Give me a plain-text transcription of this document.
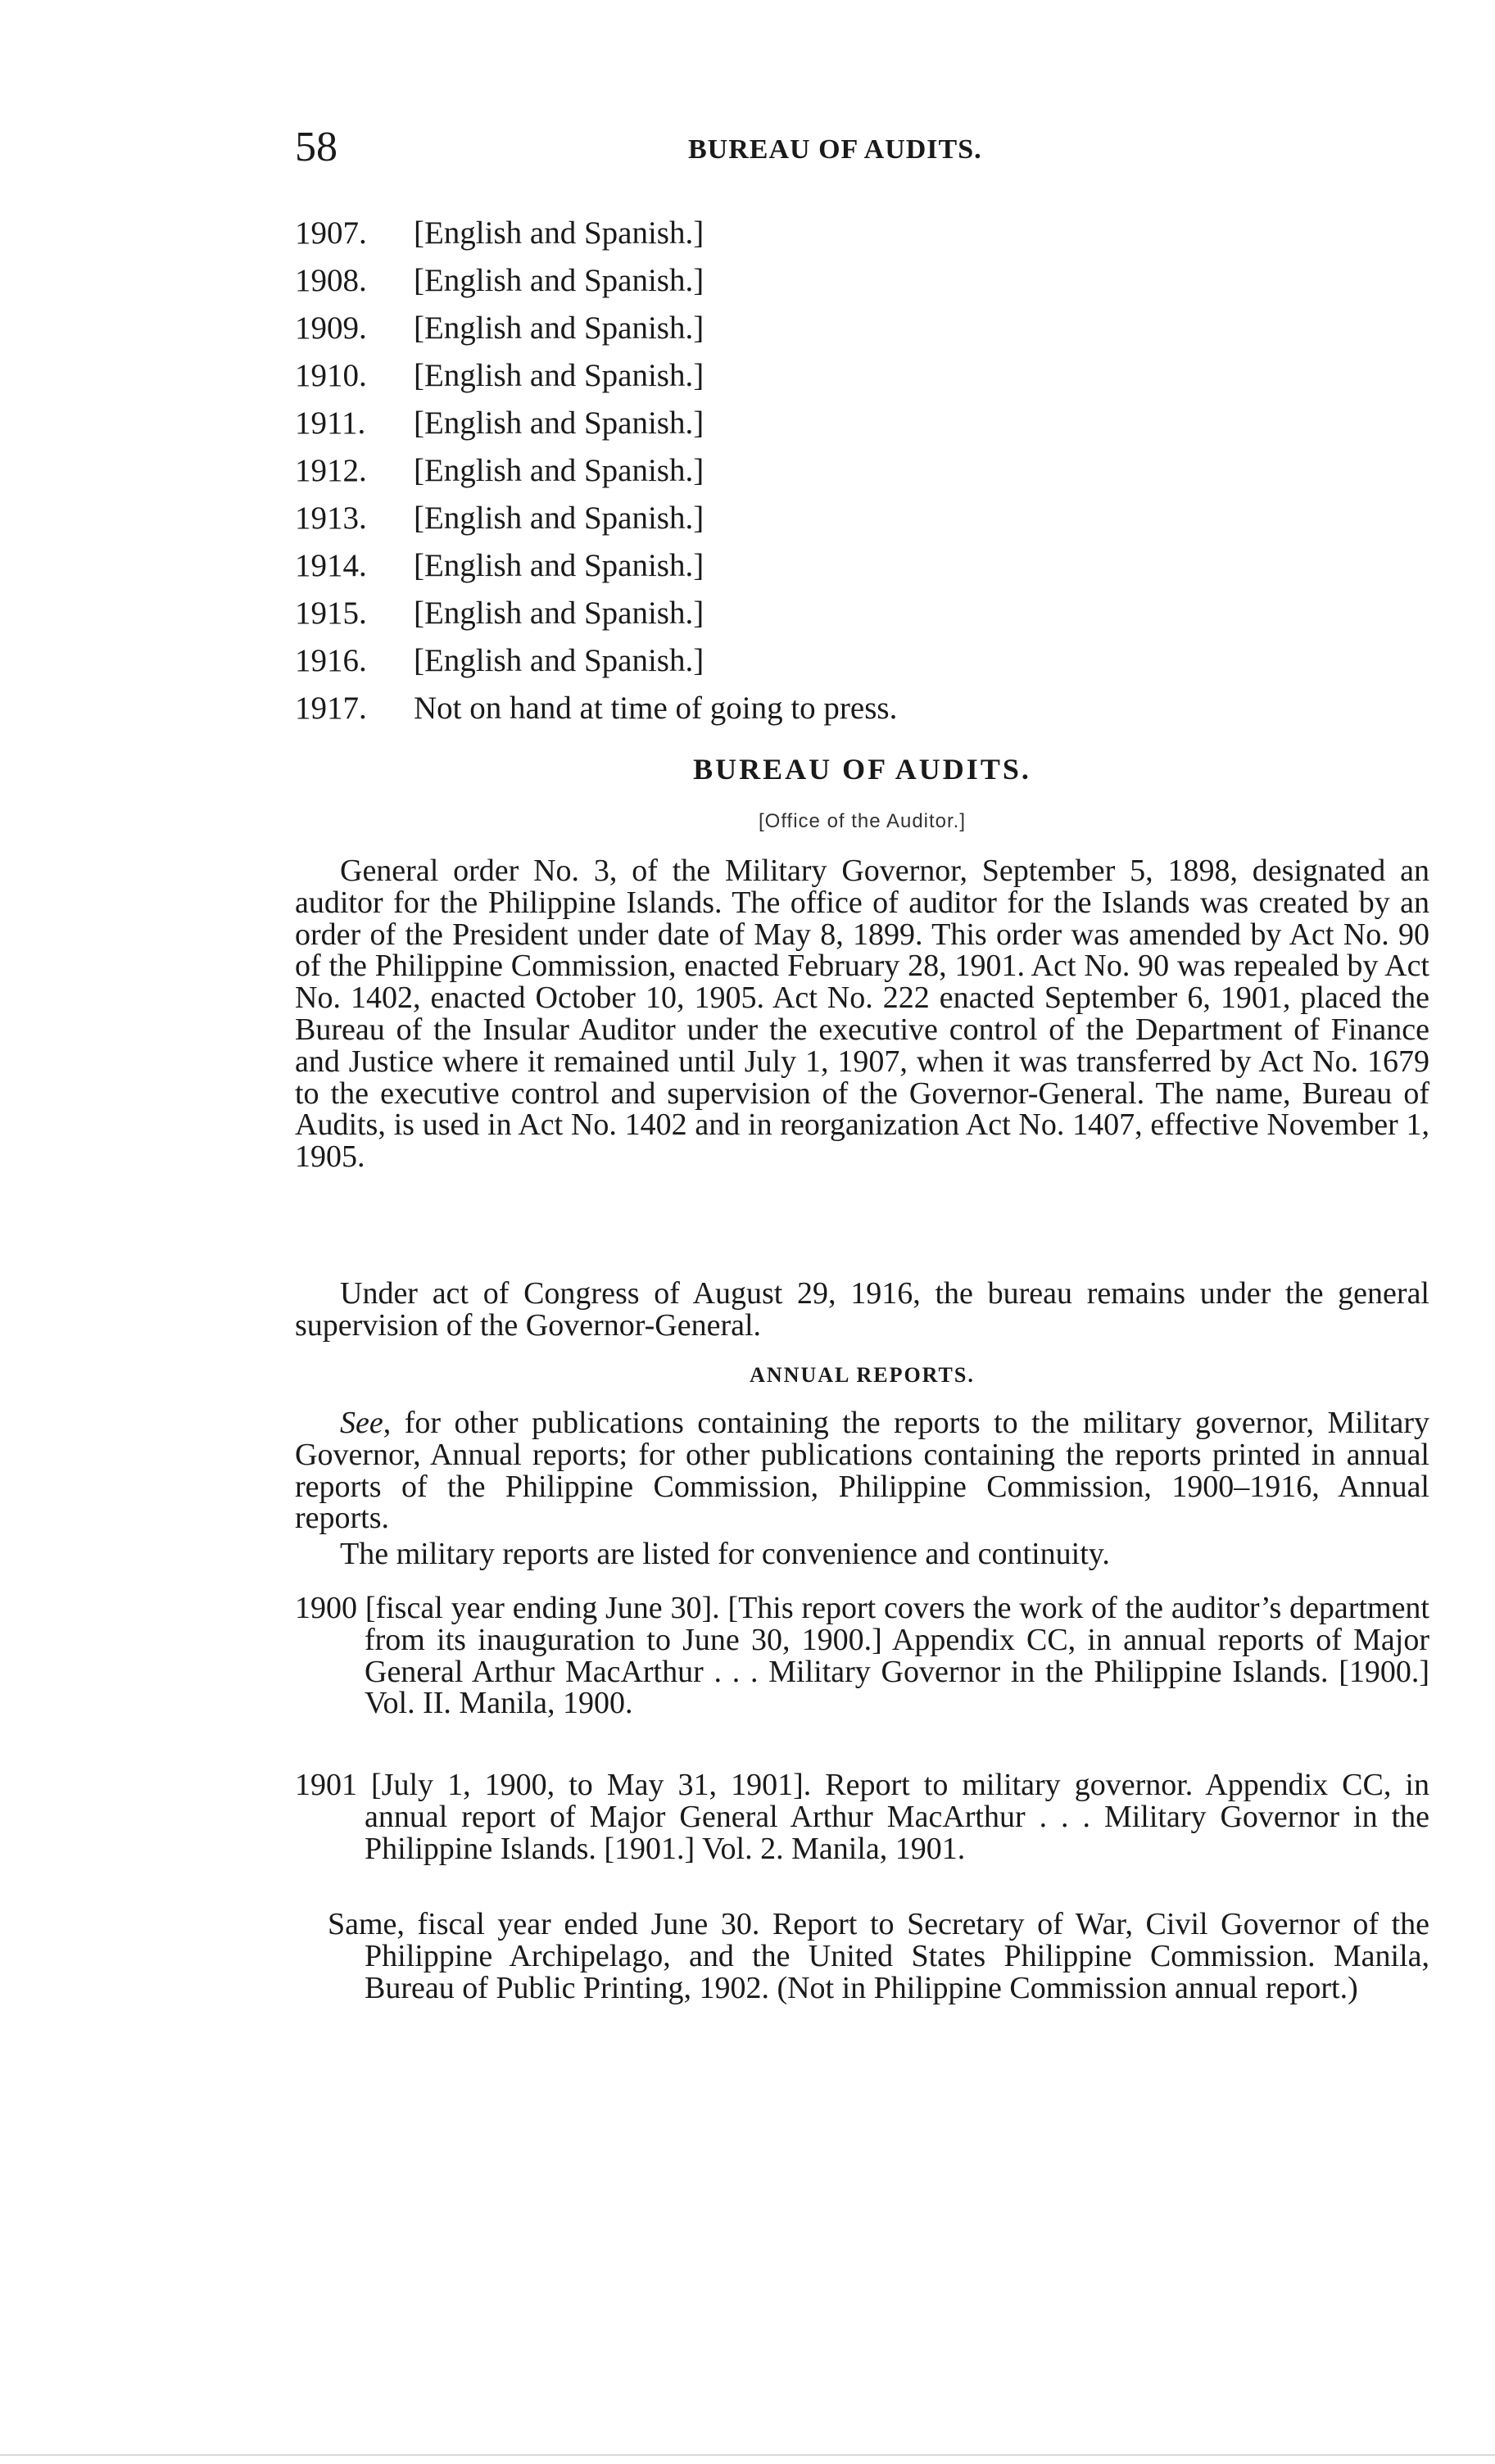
58	BUREAU OF AUDITS.
1907.	[English and Spanish.]
1908.	[English and Spanish.]
1909.	[English and Spanish.]
1910.	[English and Spanish.]
1911.	[English and Spanish.]
1912.	[English and Spanish.]
1913.	[English and Spanish.]
1914.	[English and Spanish.]
1915.	[English and Spanish.]
1916.	[English and Spanish.]
1917.	Not on hand at time of going to press.
BUREAU OF AUDITS.
[Office of the Auditor.]

General order No. 3, of the Military Governor, September 5, 1898, designated an auditor for the Philippine Islands. The office of auditor for the Islands was created by an order of the President under date of May 8, 1899. This order was amended by Act No. 90 of the Philippine Commission, enacted February 28, 1901. Act No. 90 was repealed by Act No. 1402, enacted October 10, 1905. Act No. 222 enacted September 6, 1901, placed the Bureau of the Insular Auditor under the executive control of the Department of Finance and Justice where it remained until July 1, 1907, when it was transferred by Act No. 1679 to the executive control and supervision of the Governor-General. The name, Bureau of Audits, is used in Act No. 1402 and in reorganization Act No. 1407, effective November 1, 1905.

Under act of Congress of August 29, 1916, the bureau remains under the general supervision of the Governor-General.

ANNUAL REPORTS.

See, for other publications containing the reports to the military governor, Military Governor, Annual reports; for other publications containing the reports printed in annual reports of the Philippine Commission, Philippine Commission, 1900–1916, Annual reports.

The military reports are listed for convenience and continuity.

1900 [fiscal year ending June 30]. [This report covers the work of the auditor’s department from its inauguration to June 30, 1900.] Appendix CC, in annual reports of Major General Arthur MacArthur . . . Military Governor in the Philippine Islands. [1900.] Vol. II. Manila, 1900.

1901 [July 1, 1900, to May 31, 1901]. Report to military governor. Appendix CC, in annual report of Major General Arthur MacArthur . . . Military Governor in the Philippine Islands. [1901.] Vol. 2. Manila, 1901.

Same, fiscal year ended June 30. Report to Secretary of War, Civil Governor of the Philippine Archipelago, and the United States Philippine Commission. Manila, Bureau of Public Printing, 1902. (Not in Philippine Commission annual report.)
